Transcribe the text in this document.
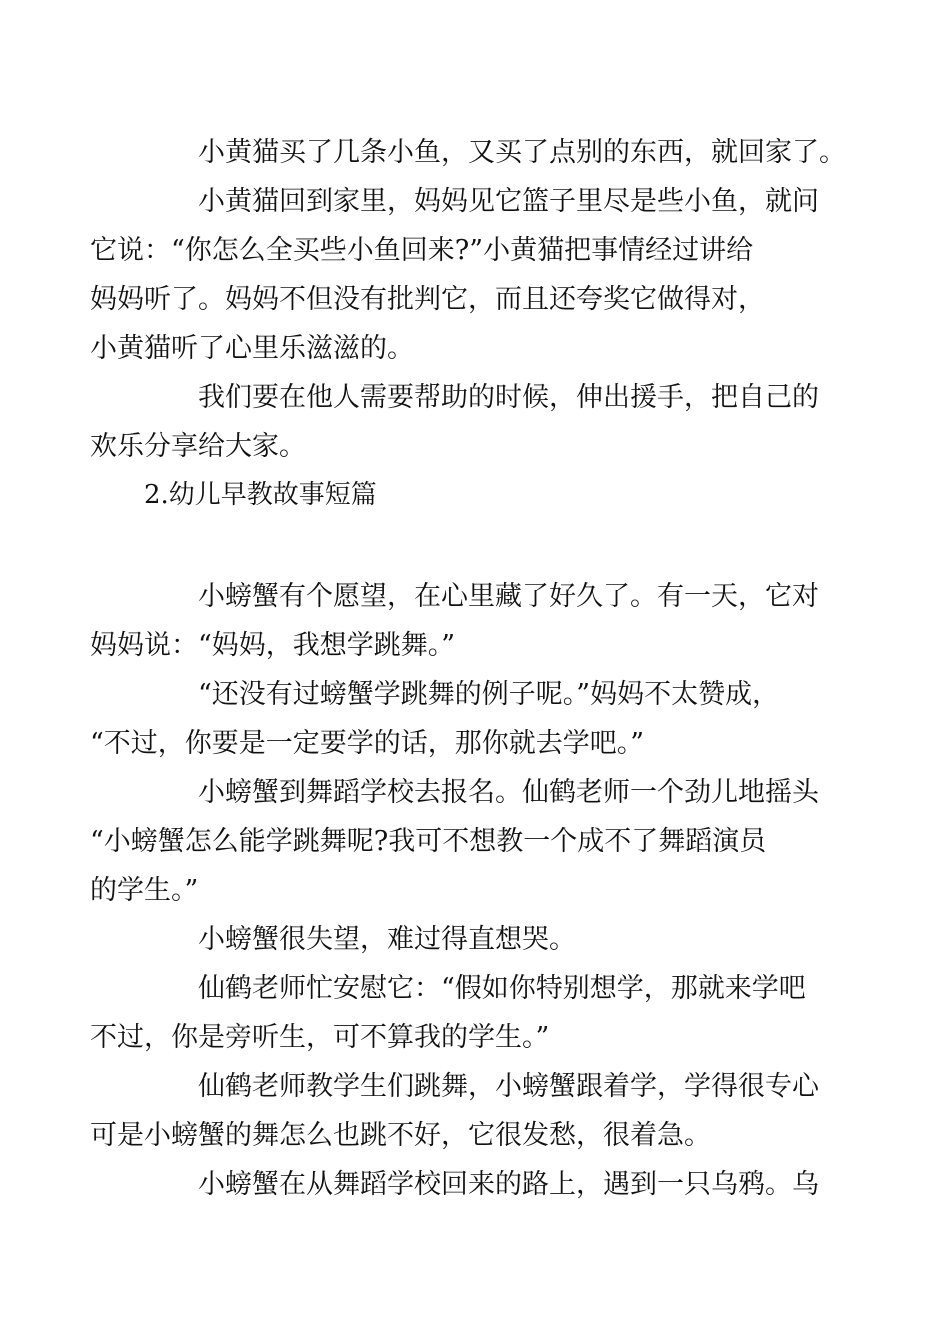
小黄猫买了几条小鱼，又买了点别的东西，就回家了。

小黄猫回到家里，妈妈见它篮子里尽是些小鱼，就问
它说：“你怎么全买些小鱼回来?”小黄猫把事情经过讲给
妈妈听了。妈妈不但没有批判它，而且还夸奖它做得对，
小黄猫听了心里乐滋滋的。

我们要在他人需要帮助的时候，伸出援手，把自己的
欢乐分享给大家。

2.幼儿早教故事短篇

小螃蟹有个愿望，在心里藏了好久了。有一天，它对
妈妈说：“妈妈，我想学跳舞。”

“还没有过螃蟹学跳舞的例子呢。”妈妈不太赞成，
“不过，你要是一定要学的话，那你就去学吧。”

小螃蟹到舞蹈学校去报名。仙鹤老师一个劲儿地摇头
“小螃蟹怎么能学跳舞呢?我可不想教一个成不了舞蹈演员
的学生。”

小螃蟹很失望，难过得直想哭。

仙鹤老师忙安慰它：“假如你特别想学，那就来学吧
不过，你是旁听生，可不算我的学生。”

仙鹤老师教学生们跳舞，小螃蟹跟着学，学得很专心
可是小螃蟹的舞怎么也跳不好，它很发愁，很着急。

小螃蟹在从舞蹈学校回来的路上，遇到一只乌鸦。乌
